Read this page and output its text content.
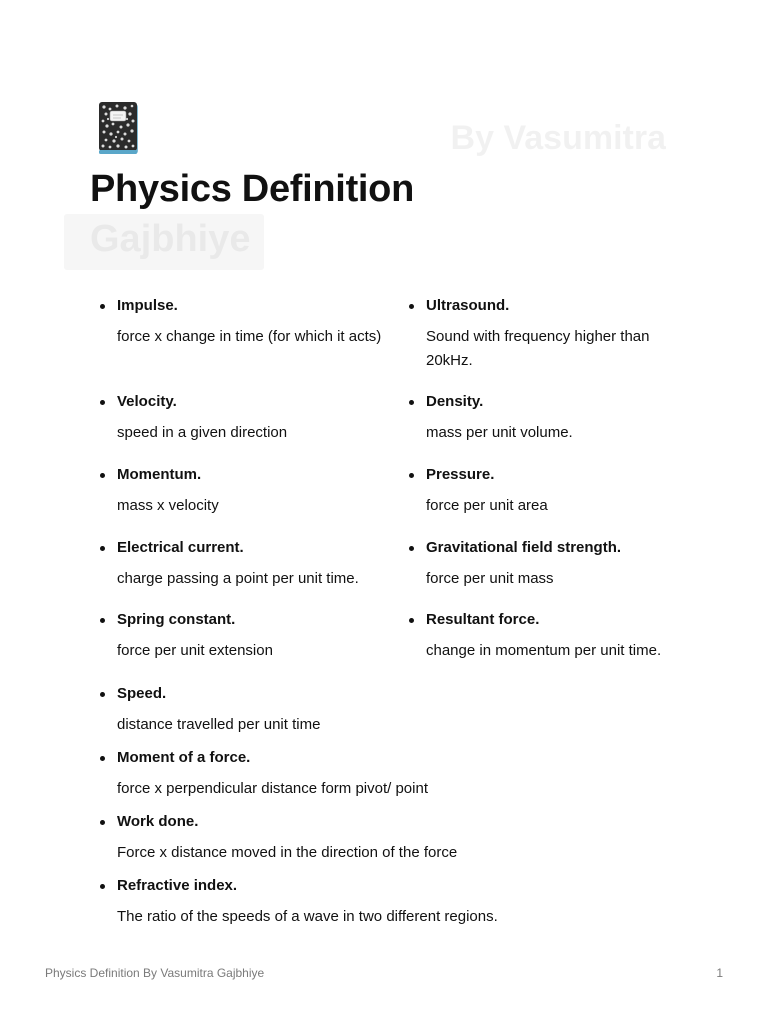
By Vasumitra
Physics Definition
Gajbhiye
Impulse.
force x change in time (for which it acts)
Velocity.
speed in a given direction
Momentum.
mass x velocity
Electrical current.
charge passing a point per unit time.
Spring constant.
force per unit extension
Ultrasound.
Sound with frequency higher than 20kHz.
Density.
mass per unit volume.
Pressure.
force per unit area
Gravitational field strength.
force per unit mass
Resultant force.
change in momentum per unit time.
Speed.
distance travelled per unit time
Moment of a force.
force x perpendicular distance form pivot/ point
Work done.
Force x distance moved in the direction of the force
Refractive index.
The ratio of the speeds of a wave in two different regions.
Physics Definition By Vasumitra Gajbhiye	1
